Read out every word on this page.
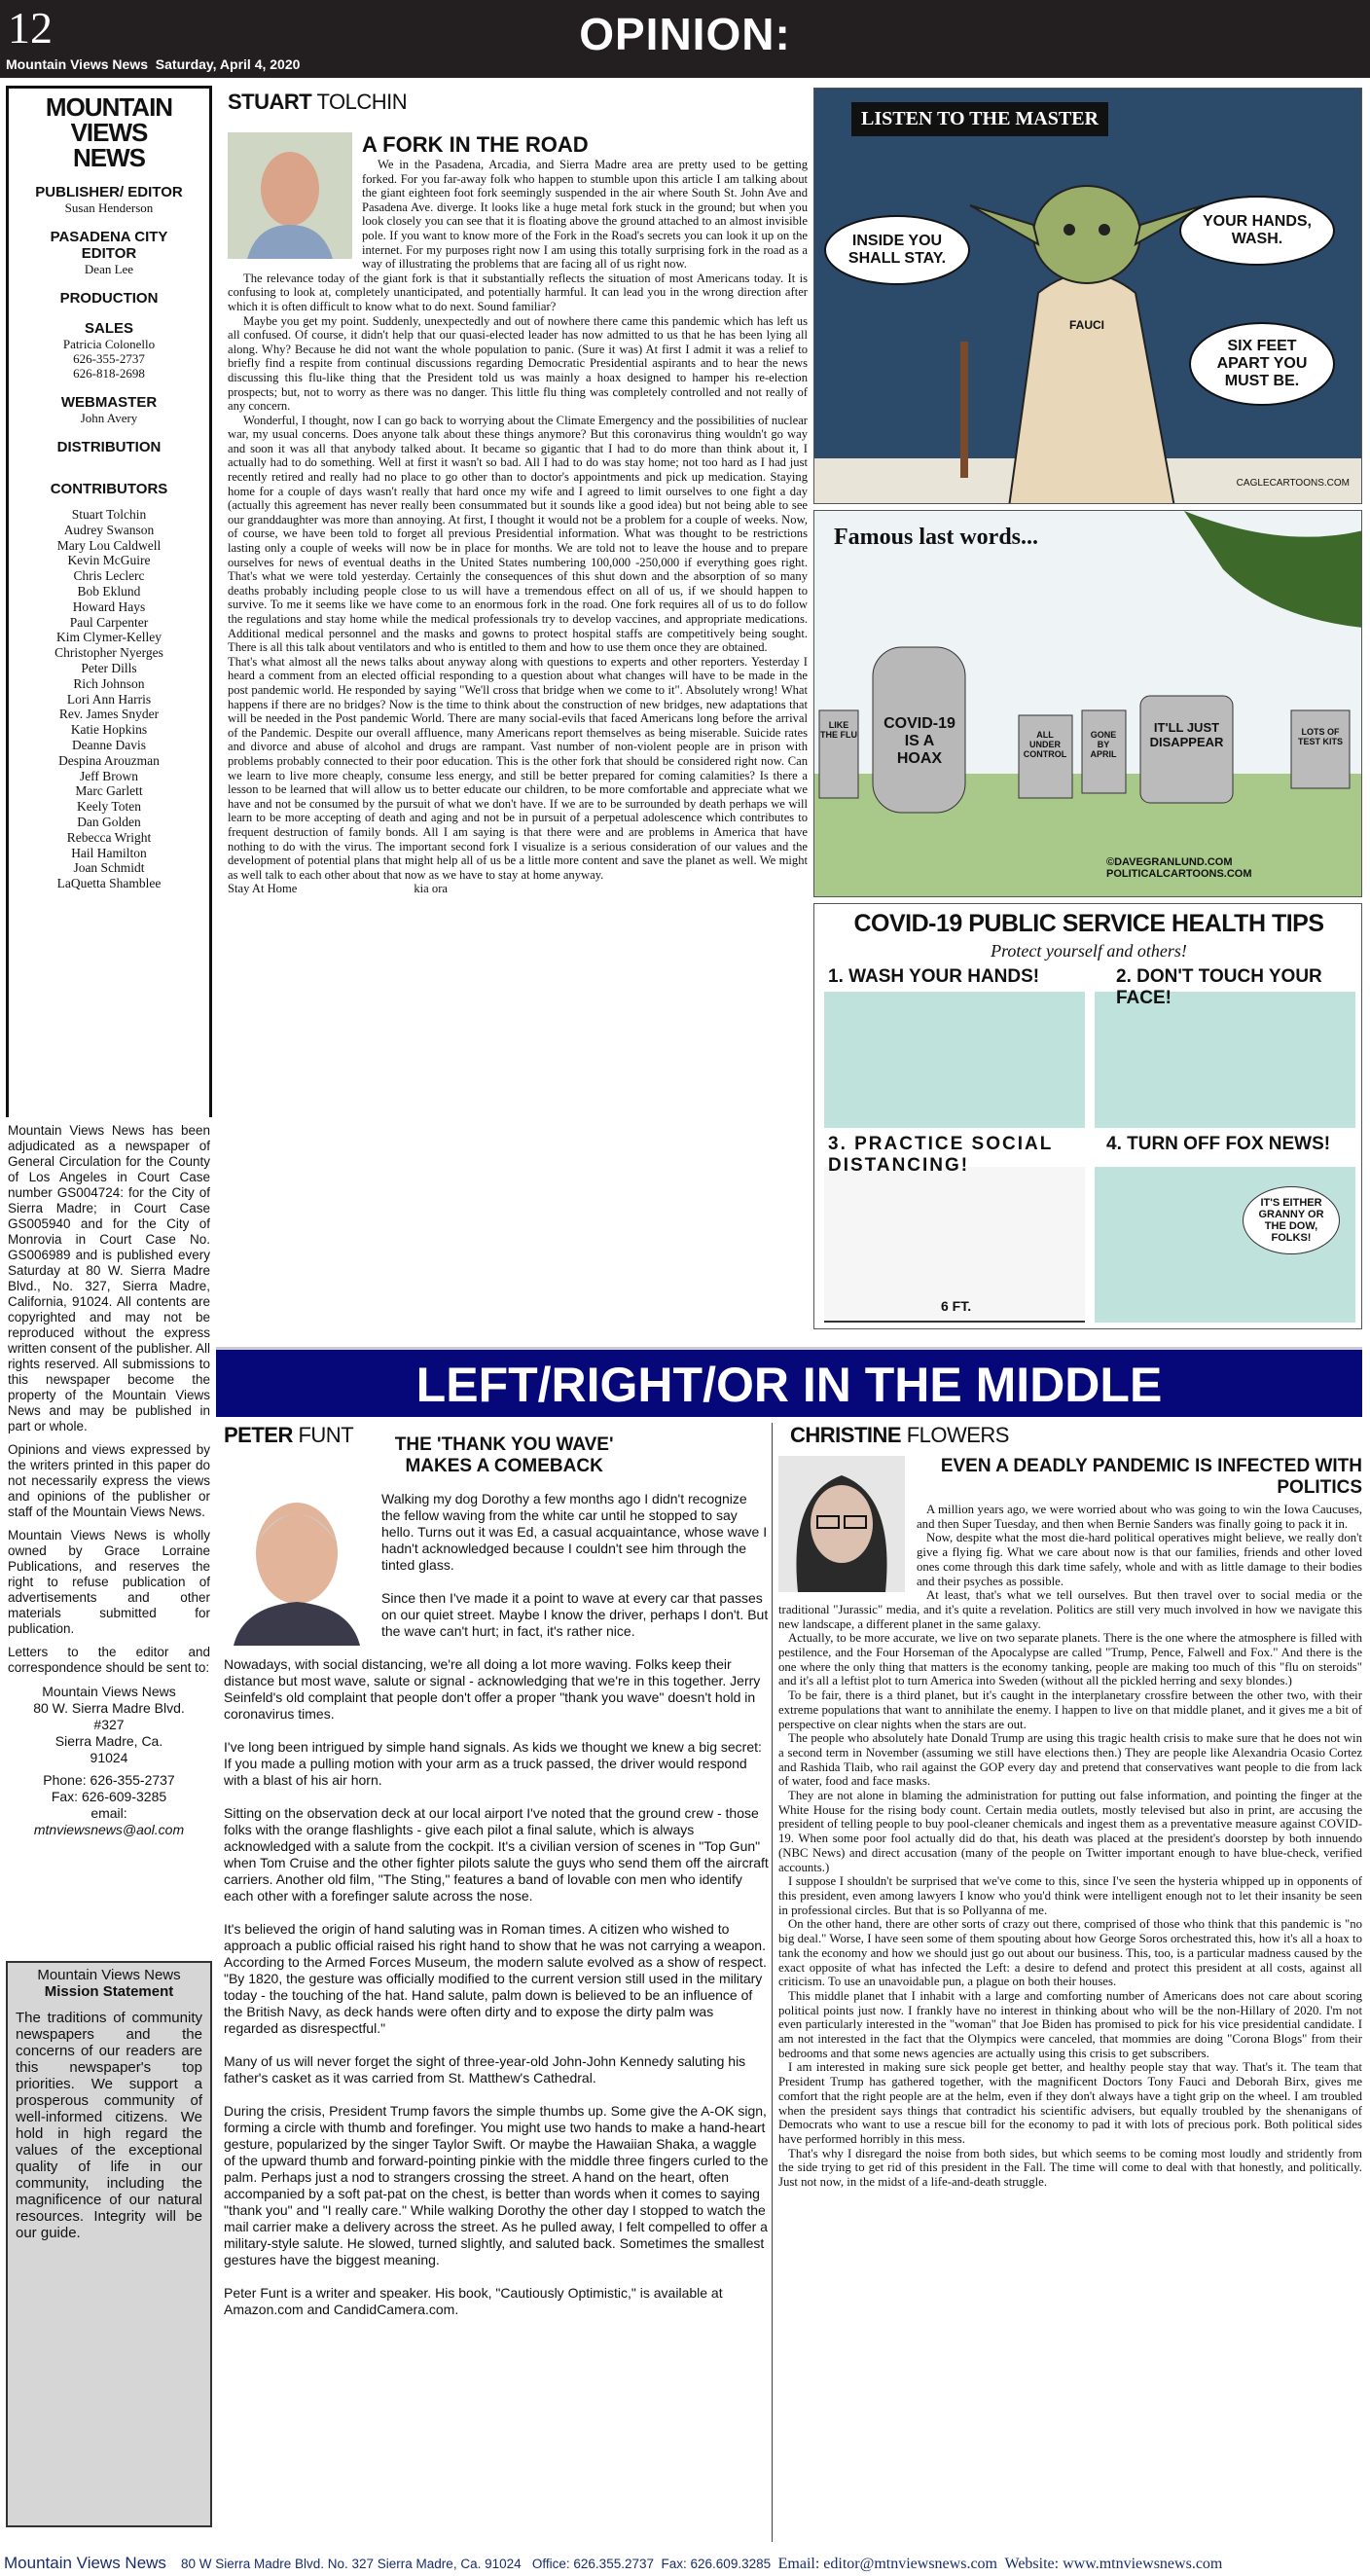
12	OPINION:
Mountain Views News Saturday, April 4, 2020
MOUNTAIN VIEWS NEWS
PUBLISHER/ EDITOR

Susan Henderson

PASADENA CITY EDITOR

Dean Lee

PRODUCTION

SALES

Patricia Colonello
626-355-2737
626-818-2698

WEBMASTER

John Avery

DISTRIBUTION

CONTRIBUTORS

Stuart Tolchin
Audrey Swanson
Mary Lou Caldwell
Kevin McGuire
Chris Leclerc
Bob Eklund
Howard Hays
Paul Carpenter
Kim Clymer-Kelley
Christopher Nyerges
Peter Dills
Rich Johnson
Lori Ann Harris
Rev. James Snyder
Katie Hopkins
Deanne Davis
Despina Arouzman
Jeff Brown
Marc Garlett
Keely Toten
Dan Golden
Rebecca Wright
Hail Hamilton
Joan Schmidt
LaQuetta Shamblee

Mountain Views News has been adjudicated as a newspaper of General Circulation for the County of Los Angeles in Court Case number GS004724: for the City of Sierra Madre; in Court Case GS005940 and for the City of Monrovia in Court Case No. GS006989 and is published every Saturday at 80 W. Sierra Madre Blvd., No. 327, Sierra Madre, California, 91024. All contents are copyrighted and may not be reproduced without the express written consent of the publisher. All rights reserved. All submissions to this newspaper become the property of the Mountain Views News and may be published in part or whole.

Opinions and views expressed by the writers printed in this paper do not necessarily express the views and opinions of the publisher or staff of the Mountain Views News.

Mountain Views News is wholly owned by Grace Lorraine Publications, and reserves the right to refuse publication of advertisements and other materials submitted for publication.

Letters to the editor and correspondence should be sent to:

Mountain Views News
80 W. Sierra Madre Blvd.
#327
Sierra Madre, Ca.
91024
Phone: 626-355-2737
Fax: 626-609-3285
email:
mtnviewsnews@aol.com
Mountain Views News
Mission Statement

The traditions of community newspapers and the concerns of our readers are this newspaper's top priorities. We support a prosperous community of well-informed citizens. We hold in high regard the values of the exceptional quality of life in our community, including the magnificence of our natural resources. Integrity will be our guide.

STUART TOLCHIN
A FORK IN THE ROAD

We in the Pasadena, Arcadia, and Sierra Madre area are pretty used to be getting forked. For you far-away folk who happen to stumble upon this article I am talking about the giant eighteen foot fork seemingly suspended in the air where South St. John Ave and Pasadena Ave. diverge. It looks like a huge metal fork stuck in the ground; but when you look closely you can see that it is floating above the ground attached to an almost invisible pole. If you want to know more of the Fork in the Road's secrets you can look it up on the internet. For my purposes right now I am using this totally surprising fork in the road as a way of illustrating the problems that are facing all of us right now.

The relevance today of the giant fork is that it substantially reflects the situation of most Americans today. It is confusing to look at, completely unanticipated, and potentially harmful. It can lead you in the wrong direction after which it is often difficult to know what to do next. Sound familiar?

Maybe you get my point. Suddenly, unexpectedly and out of nowhere there came this pandemic which has left us all confused. Of course, it didn't help that our quasi-elected leader has now admitted to us that he has been lying all along. Why? Because he did not want the whole population to panic. (Sure it was) At first I admit it was a relief to briefly find a respite from continual discussions regarding Democratic Presidential aspirants and to hear the news discussing this flu-like thing that the President told us was mainly a hoax designed to hamper his re-election prospects; but, not to worry as there was no danger. This little flu thing was completely controlled and not really of any concern.

Wonderful, I thought, now I can go back to worrying about the Climate Emergency and the possibilities of nuclear war, my usual concerns. Does anyone talk about these things anymore? But this coronavirus thing wouldn't go way and soon it was all that anybody talked about. It became so gigantic that I had to do more than think about it, I actually had to do something. Well at first it wasn't so bad. All I had to do was stay home; not too hard as I had just recently retired and really had no place to go other than to doctor's appointments and pick up medication. Staying home for a couple of days wasn't really that hard once my wife and I agreed to limit ourselves to one fight a day (actually this agreement has never really been consummated but it sounds like a good idea) but not being able to see our granddaughter was more than annoying. At first, I thought it would not be a problem for a couple of weeks. Now, of course, we have been told to forget all previous Presidential information. What was thought to be restrictions lasting only a couple of weeks will now be in place for months. We are told not to leave the house and to prepare ourselves for news of eventual deaths in the United States numbering 100,000 -250,000 if everything goes right. That's what we were told yesterday. Certainly the consequences of this shut down and the absorption of so many deaths probably including people close to us will have a tremendous effect on all of us, if we should happen to survive. To me it seems like we have come to an enormous fork in the road. One fork requires all of us to do follow the regulations and stay home while the medical professionals try to develop vaccines, and appropriate medications. Additional medical personnel and the masks and gowns to protect hospital staffs are competitively being sought. There is all this talk about ventilators and who is entitled to them and how to use them once they are obtained.

That's what almost all the news talks about anyway along with questions to experts and other reporters. Yesterday I heard a comment from an elected official responding to a question about what changes will have to be made in the post pandemic world. He responded by saying "We'll cross that bridge when we come to it". Absolutely wrong! What happens if there are no bridges? Now is the time to think about the construction of new bridges, new adaptations that will be needed in the Post pandemic World. There are many social-evils that faced Americans long before the arrival of the Pandemic. Despite our overall affluence, many Americans report themselves as being miserable. Suicide rates and divorce and abuse of alcohol and drugs are rampant. Vast number of non-violent people are in prison with problems probably connected to their poor education. This is the other fork that should be considered right now. Can we learn to live more cheaply, consume less energy, and still be better prepared for coming calamities? Is there a lesson to be learned that will allow us to better educate our children, to be more comfortable and appreciate what we have and not be consumed by the pursuit of what we don't have. If we are to be surrounded by death perhaps we will learn to be more accepting of death and aging and not be in pursuit of a perpetual adolescence which contributes to frequent destruction of family bonds. All I am saying is that there were and are problems in America that have nothing to do with the virus. The important second fork I visualize is a serious consideration of our values and the development of potential plans that might help all of us be a little more content and save the planet as well. We might as well talk to each other about that now as we have to stay at home anyway.

Stay At Home	kia ora

LISTEN TO THE MASTER
INSIDE YOU SHALL STAY.
YOUR HANDS, WASH.
SIX FEET APART YOU MUST BE.
FAUCI
CAGLECARTOONS.COM
Famous last words...
LIKE THE FLU
COVID-19 IS A HOAX
ALL UNDER CONTROL
GONE BY APRIL
IT'LL JUST DISAPPEAR
LOTS OF TEST KITS
©DAVEGRANLUND.COM POLITICALCARTOONS.COM
COVID-19 PUBLIC SERVICE HEALTH TIPS
Protect yourself and others!
1. WASH YOUR HANDS!	2. DON'T TOUCH YOUR FACE!
3. PRACTICE SOCIAL DISTANCING!
4. TURN OFF FOX NEWS!
6 FT.
IT'S EITHER GRANNY OR THE DOW, FOLKS!
LEFT/RIGHT/OR IN THE MIDDLE
PETER FUNT	THE 'THANK YOU WAVE' MAKES A COMEBACK

Walking my dog Dorothy a few months ago I didn't recognize the fellow waving from the white car until he stopped to say hello. Turns out it was Ed, a casual acquaintance, whose wave I hadn't acknowledged because I couldn't see him through the tinted glass.

Since then I've made it a point to wave at every car that passes on our quiet street. Maybe I know the driver, perhaps I don't. But the wave can't hurt; in fact, it's rather nice.

Nowadays, with social distancing, we're all doing a lot more waving. Folks keep their distance but most wave, salute or signal - acknowledging that we're in this together. Jerry Seinfeld's old complaint that people don't offer a proper "thank you wave" doesn't hold in coronavirus times.

I've long been intrigued by simple hand signals. As kids we thought we knew a big secret: If you made a pulling motion with your arm as a truck passed, the driver would respond with a blast of his air horn.

Sitting on the observation deck at our local airport I've noted that the ground crew - those folks with the orange flashlights - give each pilot a final salute, which is always acknowledged with a salute from the cockpit. It's a civilian version of scenes in "Top Gun" when Tom Cruise and the other fighter pilots salute the guys who send them off the aircraft carriers. Another old film, "The Sting," features a band of lovable con men who identify each other with a forefinger salute across the nose.

It's believed the origin of hand saluting was in Roman times. A citizen who wished to approach a public official raised his right hand to show that he was not carrying a weapon. According to the Armed Forces Museum, the modern salute evolved as a show of respect. "By 1820, the gesture was officially modified to the current version still used in the military today - the touching of the hat. Hand salute, palm down is believed to be an influence of the British Navy, as deck hands were often dirty and to expose the dirty palm was regarded as disrespectful."

Many of us will never forget the sight of three-year-old John-John Kennedy saluting his father's casket as it was carried from St. Matthew's Cathedral.

During the crisis, President Trump favors the simple thumbs up. Some give the A-OK sign, forming a circle with thumb and forefinger. You might use two hands to make a hand-heart gesture, popularized by the singer Taylor Swift. Or maybe the Hawaiian Shaka, a waggle of the upward thumb and forward-pointing pinkie with the middle three fingers curled to the palm. Perhaps just a nod to strangers crossing the street. A hand on the heart, often accompanied by a soft pat-pat on the chest, is better than words when it comes to saying "thank you" and "I really care." While walking Dorothy the other day I stopped to watch the mail carrier make a delivery across the street. As he pulled away, I felt compelled to offer a military-style salute. He slowed, turned slightly, and saluted back. Sometimes the smallest gestures have the biggest meaning.

Peter Funt is a writer and speaker. His book, "Cautiously Optimistic," is available at Amazon.com and CandidCamera.com.

CHRISTINE FLOWERS
EVEN A DEADLY PANDEMIC IS INFECTED WITH POLITICS

A million years ago, we were worried about who was going to win the Iowa Caucuses, and then Super Tuesday, and then when Bernie Sanders was finally going to pack it in.

Now, despite what the most die-hard political operatives might believe, we really don't give a flying fig. What we care about now is that our families, friends and other loved ones come through this dark time safely, whole and with as little damage to their bodies and their psyches as possible.

At least, that's what we tell ourselves. But then travel over to social media or the traditional "Jurassic" media, and it's quite a revelation. Politics are still very much involved in how we navigate this new landscape, a different planet in the same galaxy.

Actually, to be more accurate, we live on two separate planets. There is the one where the atmosphere is filled with pestilence, and the Four Horseman of the Apocalypse are called "Trump, Pence, Falwell and Fox." And there is the one where the only thing that matters is the economy tanking, people are making too much of this "flu on steroids" and it's all a leftist plot to turn America into Sweden (without all the pickled herring and sexy blondes.)

To be fair, there is a third planet, but it's caught in the interplanetary crossfire between the other two, with their extreme populations that want to annihilate the enemy. I happen to live on that middle planet, and it gives me a bit of perspective on clear nights when the stars are out.

The people who absolutely hate Donald Trump are using this tragic health crisis to make sure that he does not win a second term in November (assuming we still have elections then.) They are people like Alexandria Ocasio Cortez and Rashida Tlaib, who rail against the GOP every day and pretend that conservatives want people to die from lack of water, food and face masks.

They are not alone in blaming the administration for putting out false information, and pointing the finger at the White House for the rising body count. Certain media outlets, mostly televised but also in print, are accusing the president of telling people to buy pool-cleaner chemicals and ingest them as a preventative measure against COVID-19. When some poor fool actually did do that, his death was placed at the president's doorstep by both innuendo (NBC News) and direct accusation (many of the people on Twitter important enough to have blue-check, verified accounts.)

I suppose I shouldn't be surprised that we've come to this, since I've seen the hysteria whipped up in opponents of this president, even among lawyers I know who you'd think were intelligent enough not to let their insanity be seen in professional circles. But that is so Pollyanna of me.

On the other hand, there are other sorts of crazy out there, comprised of those who think that this pandemic is "no big deal." Worse, I have seen some of them spouting about how George Soros orchestrated this, how it's all a hoax to tank the economy and how we should just go out about our business. This, too, is a particular madness caused by the exact opposite of what has infected the Left: a desire to defend and protect this president at all costs, against all criticism. To use an unavoidable pun, a plague on both their houses.

This middle planet that I inhabit with a large and comforting number of Americans does not care about scoring political points just now. I frankly have no interest in thinking about who will be the non-Hillary of 2020. I'm not even particularly interested in the "woman" that Joe Biden has promised to pick for his vice presidential candidate. I am not interested in the fact that the Olympics were canceled, that mommies are doing "Corona Blogs" from their bedrooms and that some news agencies are actually using this crisis to get subscribers.

I am interested in making sure sick people get better, and healthy people stay that way. That's it. The team that President Trump has gathered together, with the magnificent Doctors Tony Fauci and Deborah Birx, gives me comfort that the right people are at the helm, even if they don't always have a tight grip on the wheel. I am troubled when the president says things that contradict his scientific advisers, but equally troubled by the shenanigans of Democrats who want to use a rescue bill for the economy to pad it with lots of precious pork. Both political sides have performed horribly in this mess.

That's why I disregard the noise from both sides, but which seems to be coming most loudly and stridently from the side trying to get rid of this president in the Fall. The time will come to deal with that honestly, and politically. Just not now, in the midst of a life-and-death struggle.

Mountain Views News 80 W Sierra Madre Blvd. No. 327 Sierra Madre, Ca. 91024 Office: 626.355.2737 Fax: 626.609.3285 Email: editor@mtnviewsnews.com Website: www.mtnviewsnews.com
